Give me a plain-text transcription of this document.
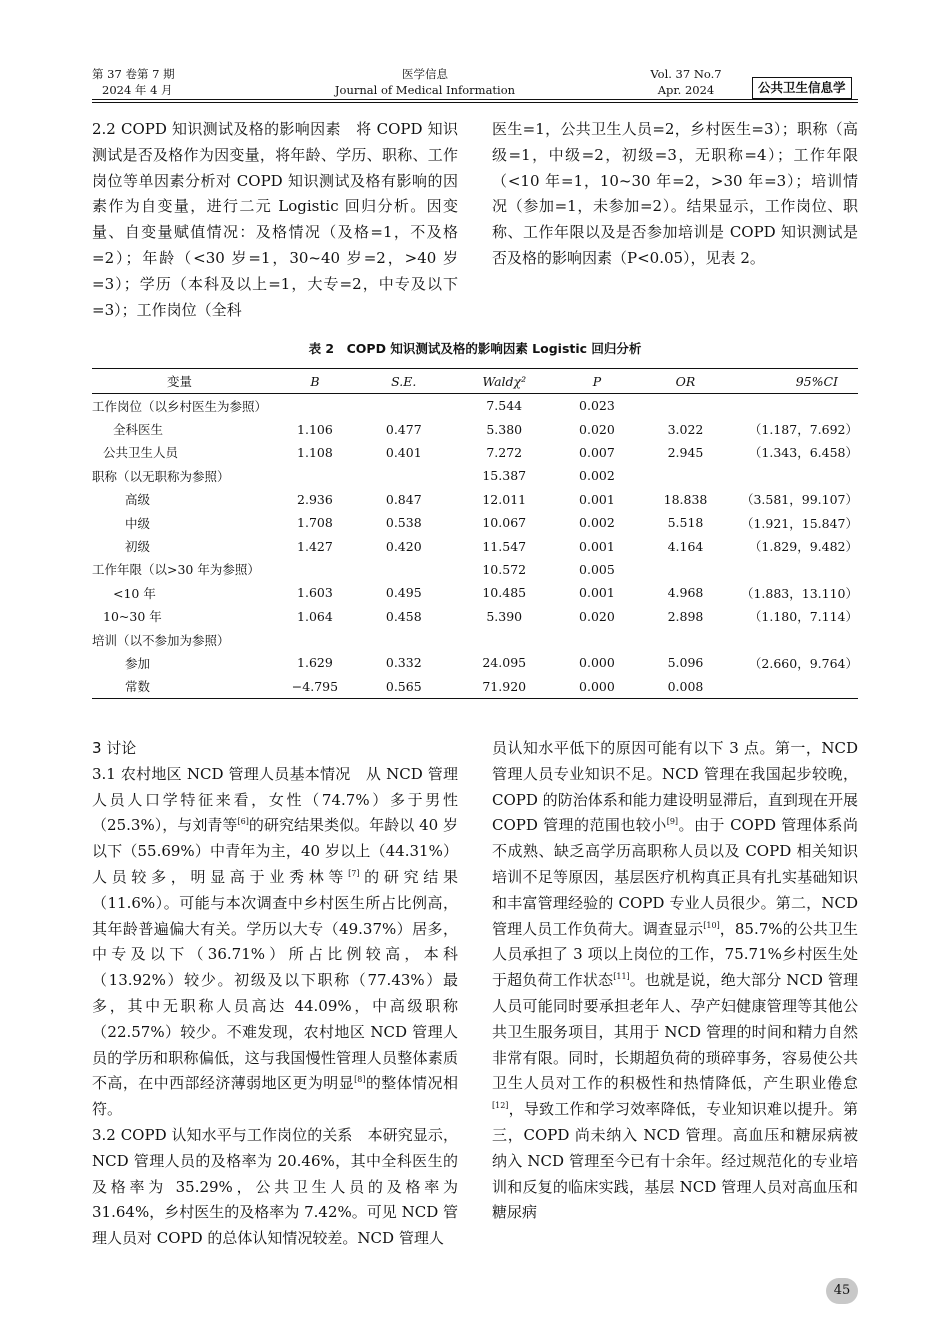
第 37 卷第 7 期
2024 年 4 月
医学信息
Journal of Medical Information
Vol. 37 No.7
Apr. 2024	公共卫生信息学

2.2 COPD 知识测试及格的影响因素　将 COPD 知识测试是否及格作为因变量，将年龄、学历、职称、工作岗位等单因素分析对 COPD 知识测试及格有影响的因素作为自变量，进行二元 Logistic 回归分析。因变量、自变量赋值情况：及格情况（及格=1，不及格=2）；年龄（<30 岁=1，30~40 岁=2，>40 岁=3）；学历（本科及以上=1，大专=2，中专及以下=3）；工作岗位（全科

医生=1，公共卫生人员=2，乡村医生=3）；职称（高级=1，中级=2，初级=3，无职称=4）；工作年限（<10 年=1，10~30 年=2，>30 年=3）；培训情况（参加=1，未参加=2）。结果显示，工作岗位、职称、工作年限以及是否参加培训是 COPD 知识测试是否及格的影响因素（P<0.05），见表 2。

表 2　COPD 知识测试及格的影响因素 Logistic 回归分析
变量	B	S.E.	Waldχ²	P	OR	95%CI
工作岗位（以乡村医生为参照）			7.544	0.023		
全科医生	1.106	0.477	5.380	0.020	3.022	（1.187，7.692）
公共卫生人员	1.108	0.401	7.272	0.007	2.945	（1.343，6.458）
职称（以无职称为参照）			15.387	0.002		
高级	2.936	0.847	12.011	0.001	18.838	（3.581，99.107）
中级	1.708	0.538	10.067	0.002	5.518	（1.921，15.847）
初级	1.427	0.420	11.547	0.001	4.164	（1.829，9.482）
工作年限（以>30 年为参照）			10.572	0.005		
<10 年	1.603	0.495	10.485	0.001	4.968	（1.883，13.110）
10~30 年	1.064	0.458	5.390	0.020	2.898	（1.180，7.114）
培训（以不参加为参照）						
参加	1.629	0.332	24.095	0.000	5.096	（2.660，9.764）
常数	−4.795	0.565	71.920	0.000	0.008	

3 讨论

3.1 农村地区 NCD 管理人员基本情况　 从 NCD 管理人员人口学特征来看，女性（74.7%）多于男性（25.3%），与刘青等[6]的研究结果类似。年龄以 40 岁以下（55.69%）中青年为主，40 岁以上（44.31%）人员较多，明显高于业秀林等[7]的研究结果（11.6%）。可能与本次调查中乡村医生所占比例高，其年龄普遍偏大有关。学历以大专（49.37%）居多，中专及以下（36.71%）所占比例较高，本科（13.92%）较少。初级及以下职称（77.43%）最多，其中无职称人员高达 44.09%，中高级职称（22.57%）较少。不难发现，农村地区 NCD 管理人员的学历和职称偏低，这与我国慢性管理人员整体素质不高，在中西部经济薄弱地区更为明显[8]的整体情况相符。

3.2 COPD 认知水平与工作岗位的关系　 本研究显示，NCD 管理人员的及格率为 20.46%，其中全科医生的及格率为 35.29%，公共卫生人员的及格率为 31.64%，乡村医生的及格率为 7.42%。可见 NCD 管理人员对 COPD 的总体认知情况较差。NCD 管理人

员认知水平低下的原因可能有以下 3 点。第一，NCD 管理人员专业知识不足。NCD 管理在我国起步较晚，COPD 的防治体系和能力建设明显滞后，直到现在开展 COPD 管理的范围也较小[9]。由于 COPD 管理体系尚不成熟、缺乏高学历高职称人员以及 COPD 相关知识培训不足等原因，基层医疗机构真正具有扎实基础知识和丰富管理经验的 COPD 专业人员很少。第二，NCD 管理人员工作负荷大。调查显示[10]，85.7%的公共卫生人员承担了 3 项以上岗位的工作，75.71%乡村医生处于超负荷工作状态[11]。也就是说，绝大部分 NCD 管理人员可能同时要承担老年人、孕产妇健康管理等其他公共卫生服务项目，其用于 NCD 管理的时间和精力自然非常有限。同时，长期超负荷的琐碎事务，容易使公共卫生人员对工作的积极性和热情降低，产生职业倦怠[12]，导致工作和学习效率降低，专业知识难以提升。第三，COPD 尚未纳入 NCD 管理。高血压和糖尿病被纳入 NCD 管理至今已有十余年。经过规范化的专业培训和反复的临床实践，基层 NCD 管理人员对高血压和糖尿病

45
